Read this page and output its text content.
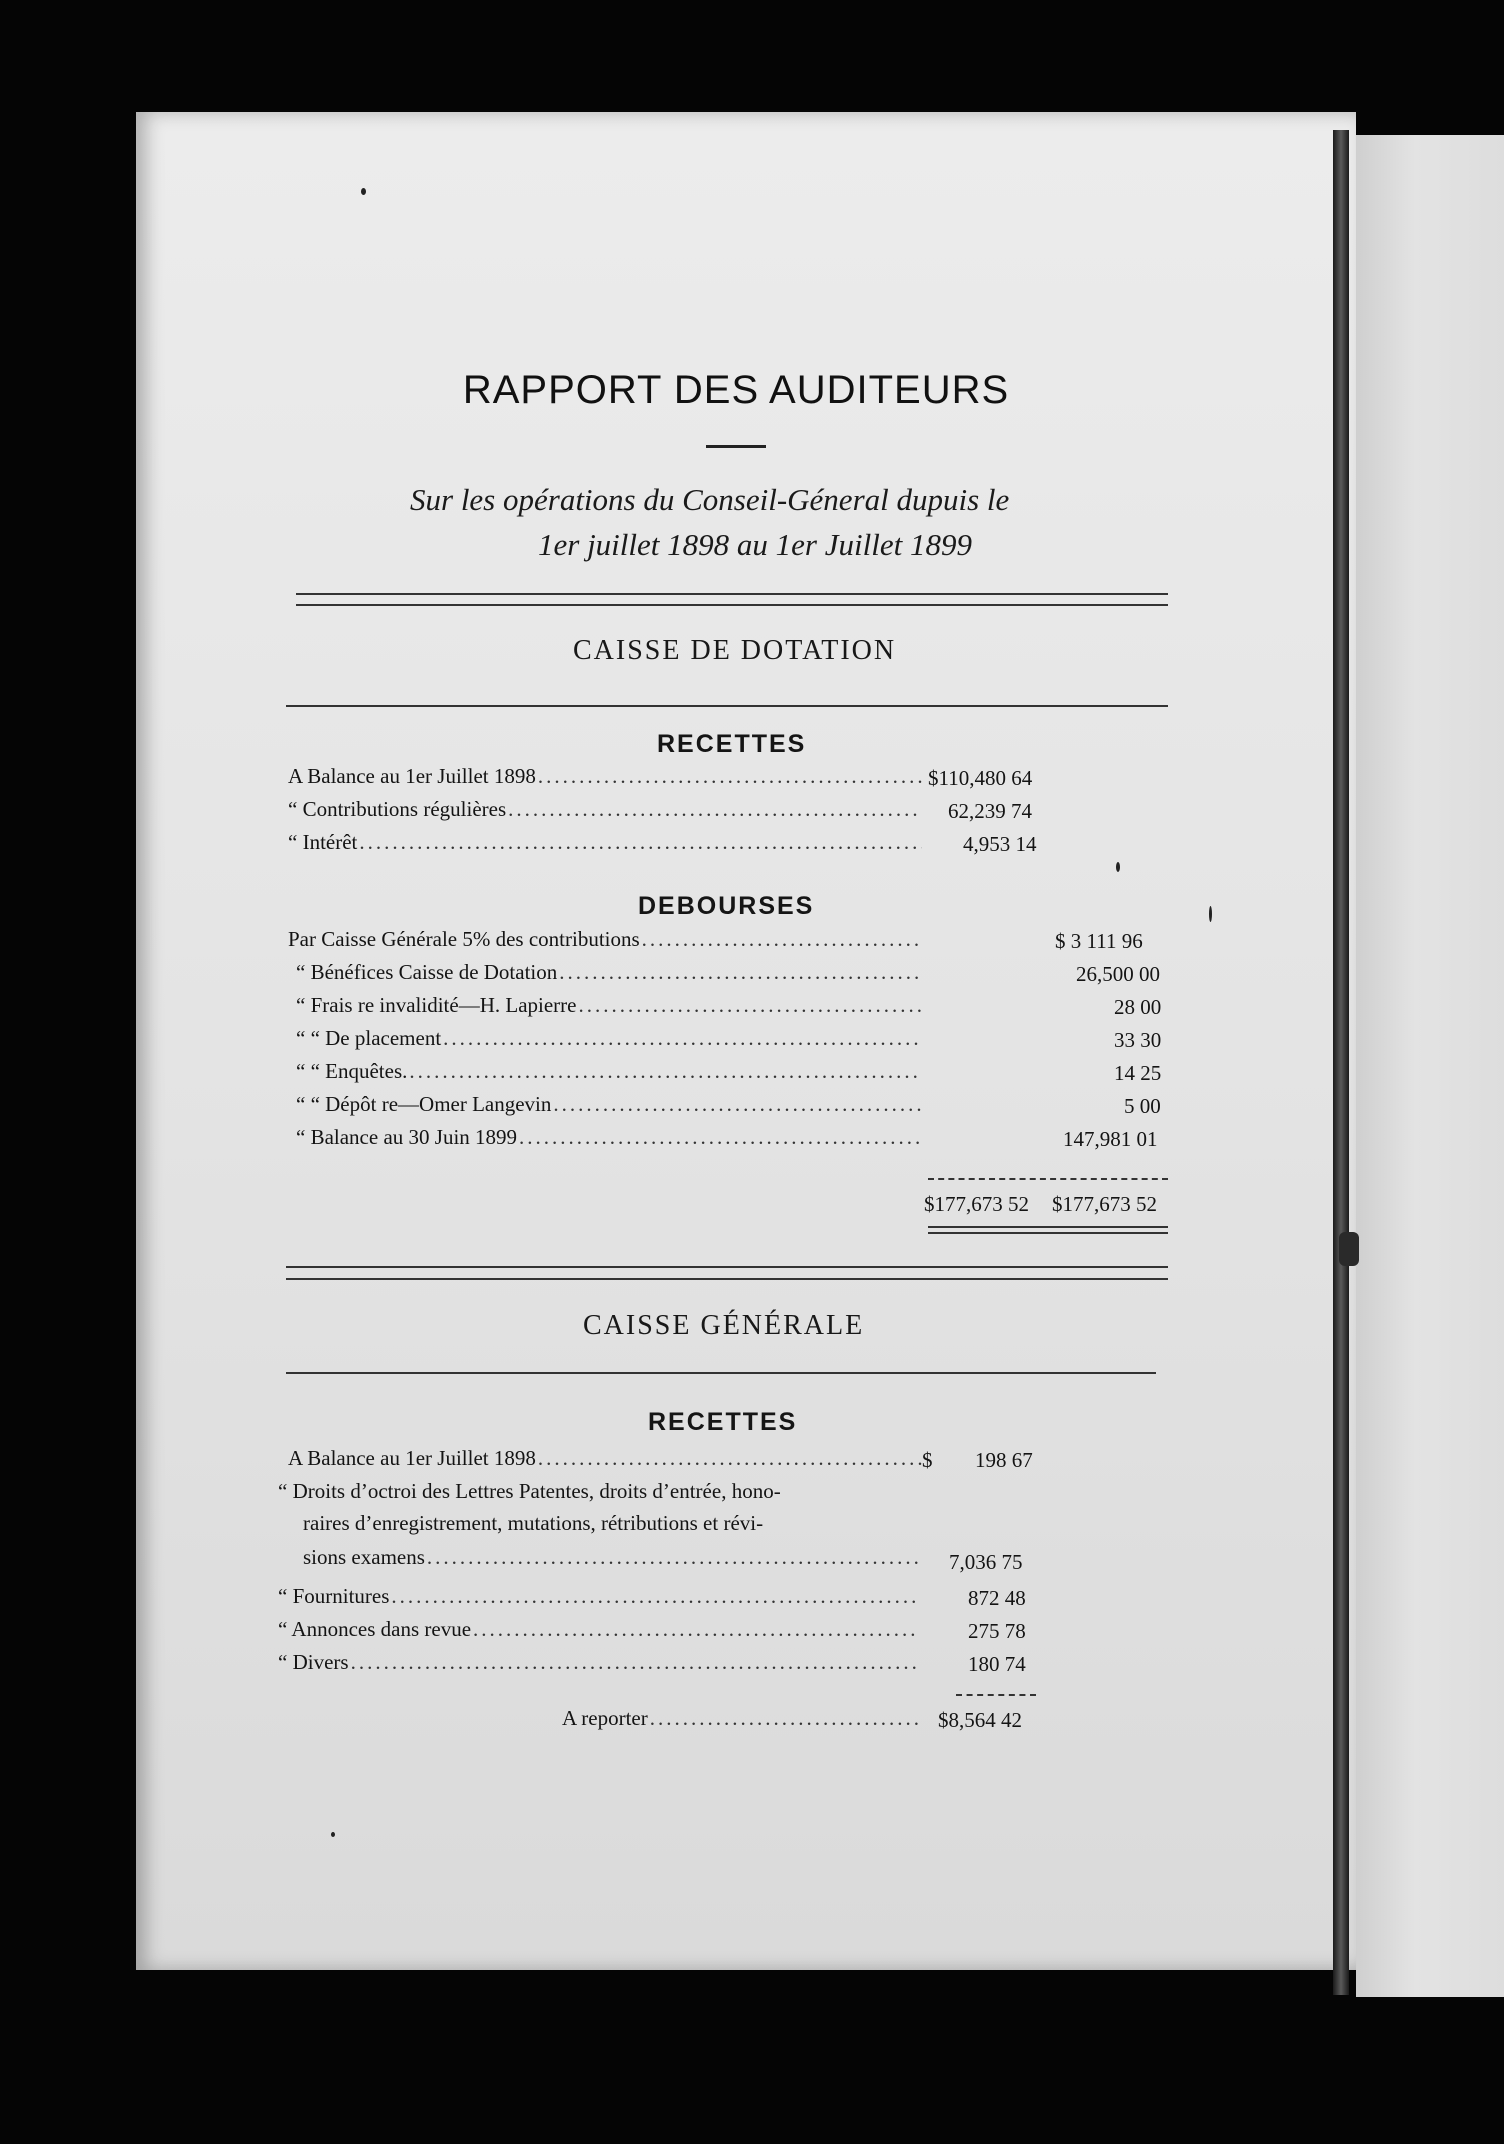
RAPPORT DES AUDITEURS
Sur les opérations du Conseil-Géneral dupuis le
1er juillet 1898 au 1er Juillet 1899
CAISSE DE DOTATION
RECETTES
A Balance au 1er Juillet 1898 .....	$110,480 64
“ Contributions régulières .....	62,239 74
“ Intérêt .....	4,953 14
DEBOURSES
Par Caisse Générale 5% des contributions .....	$ 3 111 96
“ Bénéfices Caisse de Dotation .....	26,500 00
“ Frais re invalidité—H. Lapierre .....	28 00
“ “ De placement .....	33 30
“ “ Enquêtes. .....	14 25
“ “ Dépôt re—Omer Langevin .....	5 00
“ Balance au 30 Juin 1899 .....	147,981 01
$177,673 52 $177,673 52
CAISSE GÉNÉRALE
RECETTES
A Balance au 1er Juillet 1898 .....	$ 198 67
“ Droits d’octroi des Lettres Patentes, droits d’entrée, hono-
raires d’enregistrement, mutations, rétributions et révi-
sions examens .....	7,036 75
“ Fournitures .....	872 48
“ Annonces dans revue .....	275 78
“ Divers .....	180 74
A reporter .....	$8,564 42
